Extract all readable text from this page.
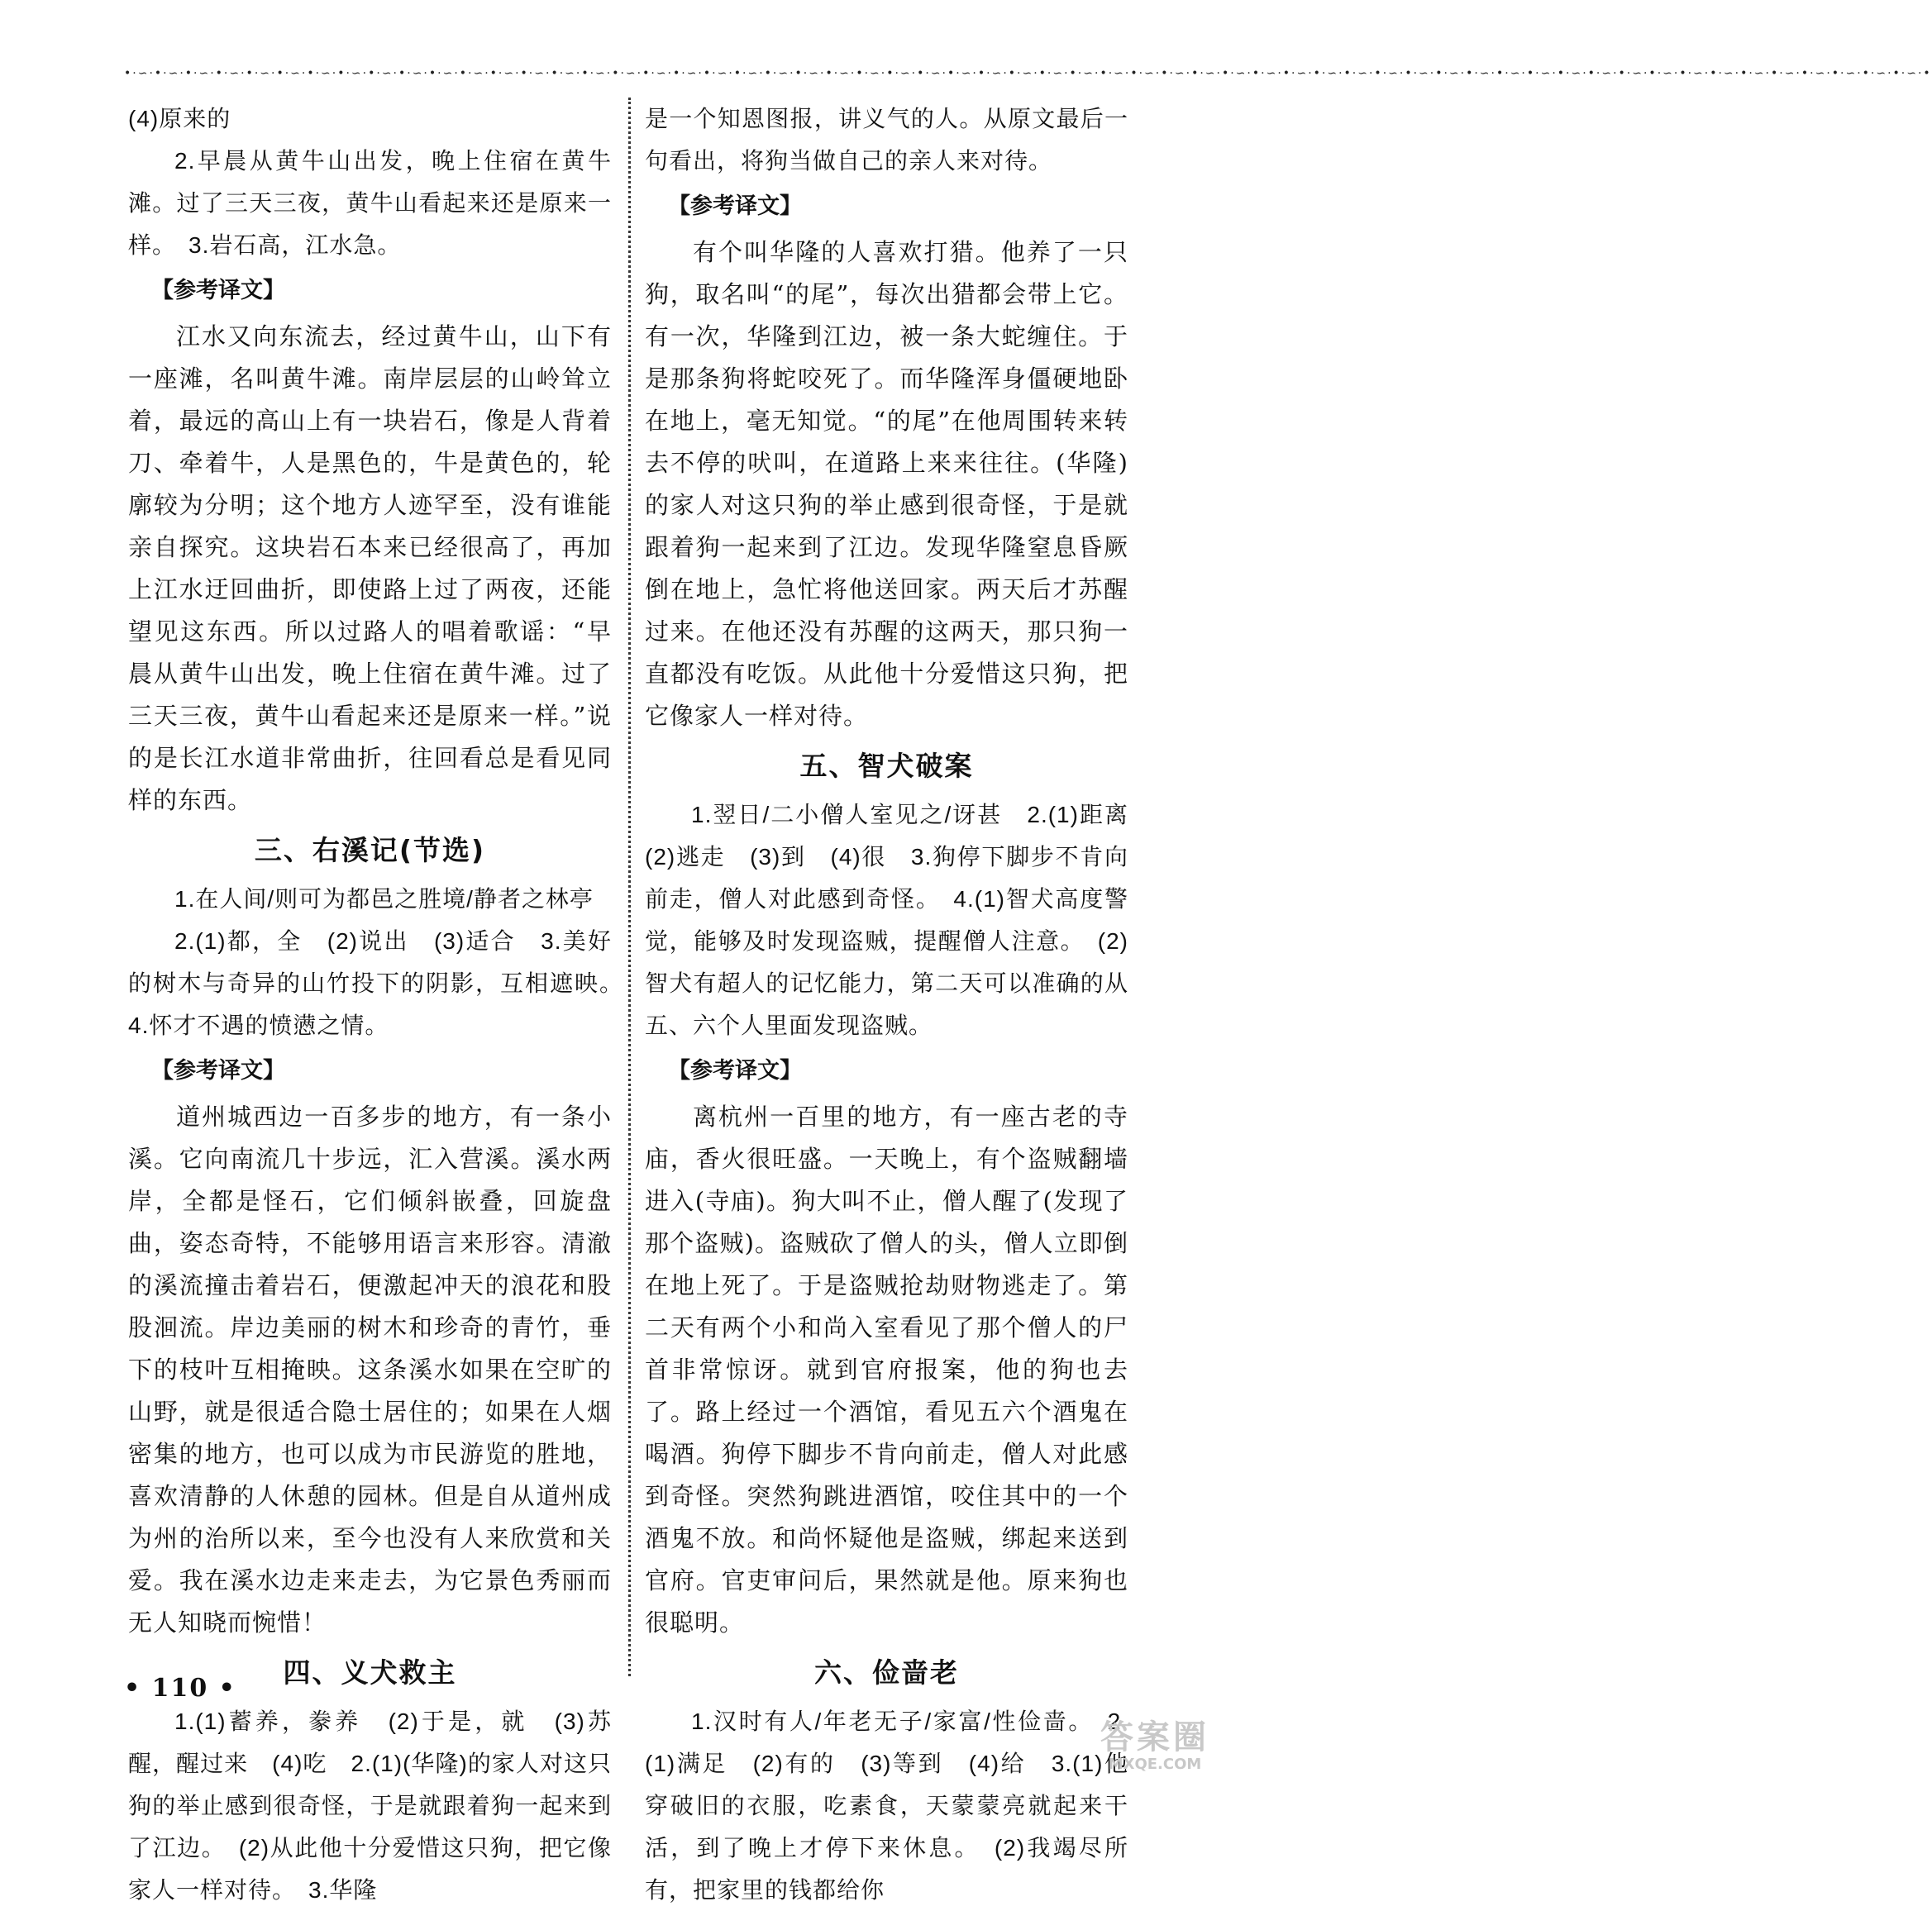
•·∽·•·∽·•·∽·•·∽·•·∽·•·∽·•·∽·•·∽·•·∽·•·∽·•·∽·•·∽·•·∽·•·∽·•·∽·•·∽·•·∽·•·∽·•·∽·•·∽·•·∽·•·∽·•·∽·•·∽·•·∽·•·∽·•·∽·•·∽·•·∽·•·∽·•·∽·•·∽·•·∽·•·∽·•·∽·•·∽·•·∽·•·∽·•·∽·•·∽·•·∽·•·∽·•·∽·•·∽·•·∽·•·∽·•·∽·•·∽·•·∽·•·∽·•·∽·•·∽·•·∽·•·∽·•·∽·•·∽·•·∽·•·∽·•·∽·•

(4)原来的

2.早晨从黄牛山出发，晚上住宿在黄牛滩。过了三天三夜，黄牛山看起来还是原来一样。　3.岩石高，江水急。

【参考译文】

江水又向东流去，经过黄牛山，山下有一座滩，名叫黄牛滩。南岸层层的山岭耸立着，最远的高山上有一块岩石，像是人背着刀、牵着牛，人是黑色的，牛是黄色的，轮廓较为分明；这个地方人迹罕至，没有谁能亲自探究。这块岩石本来已经很高了，再加上江水迂回曲折，即使路上过了两夜，还能望见这东西。所以过路人的唱着歌谣：“早晨从黄牛山出发，晚上住宿在黄牛滩。过了三天三夜，黄牛山看起来还是原来一样。”说的是长江水道非常曲折，往回看总是看见同样的东西。

三、右溪记(节选)

1.在人间/则可为都邑之胜境/静者之林亭

2.(1)都，全　(2)说出　(3)适合　3.美好的树木与奇异的山竹投下的阴影，互相遮映。　4.怀才不遇的愤懑之情。

【参考译文】

道州城西边一百多步的地方，有一条小溪。它向南流几十步远，汇入营溪。溪水两岸，全都是怪石，它们倾斜嵌叠，回旋盘曲，姿态奇特，不能够用语言来形容。清澈的溪流撞击着岩石，便激起冲天的浪花和股股洄流。岸边美丽的树木和珍奇的青竹，垂下的枝叶互相掩映。这条溪水如果在空旷的山野，就是很适合隐士居住的；如果在人烟密集的地方，也可以成为市民游览的胜地，喜欢清静的人休憩的园林。但是自从道州成为州的治所以来，至今也没有人来欣赏和关爱。我在溪水边走来走去，为它景色秀丽而无人知晓而惋惜！

四、义犬救主

1.(1)蓄养，豢养　(2)于是，就　(3)苏醒，醒过来　(4)吃　2.(1)(华隆)的家人对这只狗的举止感到很奇怪，于是就跟着狗一起来到了江边。　(2)从此他十分爱惜这只狗，把它像家人一样对待。　3.华隆

是一个知恩图报，讲义气的人。从原文最后一句看出，将狗当做自己的亲人来对待。

【参考译文】

有个叫华隆的人喜欢打猎。他养了一只狗，取名叫“的尾”，每次出猎都会带上它。有一次，华隆到江边，被一条大蛇缠住。于是那条狗将蛇咬死了。而华隆浑身僵硬地卧在地上，毫无知觉。“的尾”在他周围转来转去不停的吠叫，在道路上来来往往。(华隆)的家人对这只狗的举止感到很奇怪，于是就跟着狗一起来到了江边。发现华隆窒息昏厥倒在地上，急忙将他送回家。两天后才苏醒过来。在他还没有苏醒的这两天，那只狗一直都没有吃饭。从此他十分爱惜这只狗，把它像家人一样对待。

五、智犬破案

1.翌日/二小僧人室见之/讶甚　2.(1)距离　(2)逃走　(3)到　(4)很　3.狗停下脚步不肯向前走，僧人对此感到奇怪。　4.(1)智犬高度警觉，能够及时发现盗贼，提醒僧人注意。　(2)智犬有超人的记忆能力，第二天可以准确的从五、六个人里面发现盗贼。

【参考译文】

离杭州一百里的地方，有一座古老的寺庙，香火很旺盛。一天晚上，有个盗贼翻墙进入(寺庙)。狗大叫不止，僧人醒了(发现了那个盗贼)。盗贼砍了僧人的头，僧人立即倒在地上死了。于是盗贼抢劫财物逃走了。第二天有两个小和尚入室看见了那个僧人的尸首非常惊讶。就到官府报案，他的狗也去了。路上经过一个酒馆，看见五六个酒鬼在喝酒。狗停下脚步不肯向前走，僧人对此感到奇怪。突然狗跳进酒馆，咬住其中的一个酒鬼不放。和尚怀疑他是盗贼，绑起来送到官府。官吏审问后，果然就是他。原来狗也很聪明。

六、俭啬老

1.汉时有人/年老无子/家富/性俭啬。　2.(1)满足　(2)有的　(3)等到　(4)给　3.(1)他穿破旧的衣服，吃素食，天蒙蒙亮就起来干活，到了晚上才停下来休息。　(2)我竭尽所有，把家里的钱都给你

• 110 •
答案圈
MXQE.COM
